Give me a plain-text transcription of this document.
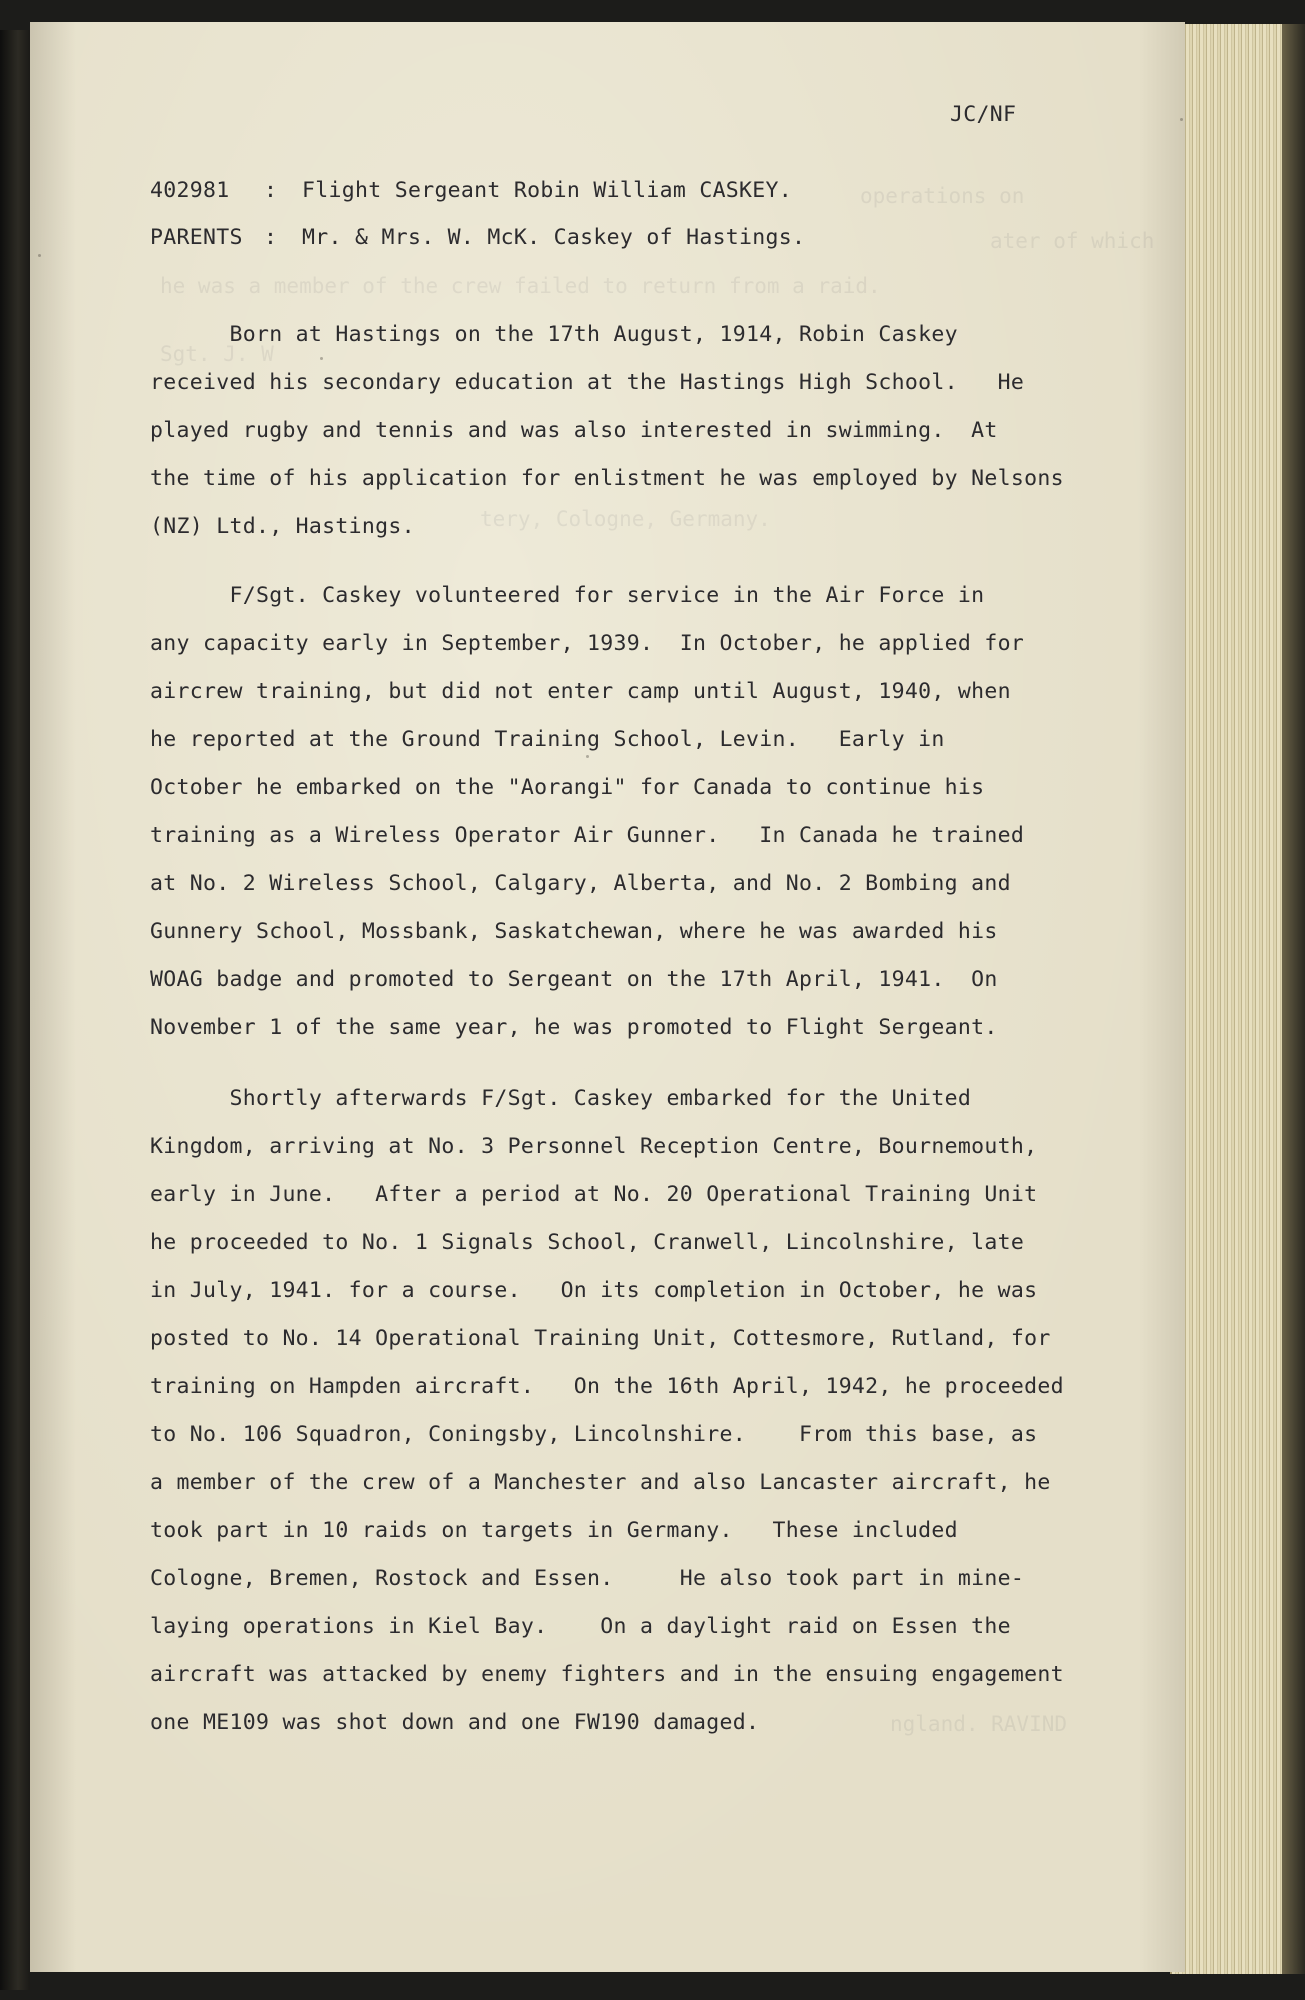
operations on

ater of which

he was a member of the crew failed to return from a raid.

Sgt. J. W

tery, Cologne, Germany.

ngland. RAVIND

JC/NF

402981 : Flight Sergeant Robin William CASKEY.

PARENTS : Mr. & Mrs. W. McK. Caskey of Hastings.

Born at Hastings on the 17th August, 1914, Robin Caskey

received his secondary education at the Hastings High School.   He

played rugby and tennis and was also interested in swimming.  At

the time of his application for enlistment he was employed by Nelsons

(NZ) Ltd., Hastings.

F/Sgt. Caskey volunteered for service in the Air Force in

any capacity early in September, 1939.  In October, he applied for

aircrew training, but did not enter camp until August, 1940, when

he reported at the Ground Training School, Levin.   Early in

October he embarked on the "Aorangi" for Canada to continue his

training as a Wireless Operator Air Gunner.   In Canada he trained

at No. 2 Wireless School, Calgary, Alberta, and No. 2 Bombing and

Gunnery School, Mossbank, Saskatchewan, where he was awarded his

WOAG badge and promoted to Sergeant on the 17th April, 1941.  On

November 1 of the same year, he was promoted to Flight Sergeant.

Shortly afterwards F/Sgt. Caskey embarked for the United

Kingdom, arriving at No. 3 Personnel Reception Centre, Bournemouth,

early in June.   After a period at No. 20 Operational Training Unit

he proceeded to No. 1 Signals School, Cranwell, Lincolnshire, late

in July, 1941. for a course.   On its completion in October, he was

posted to No. 14 Operational Training Unit, Cottesmore, Rutland, for

training on Hampden aircraft.   On the 16th April, 1942, he proceeded

to No. 106 Squadron, Coningsby, Lincolnshire.    From this base, as

a member of the crew of a Manchester and also Lancaster aircraft, he

took part in 10 raids on targets in Germany.   These included

Cologne, Bremen, Rostock and Essen.     He also took part in mine-

laying operations in Kiel Bay.    On a daylight raid on Essen the

aircraft was attacked by enemy fighters and in the ensuing engagement

one ME109 was shot down and one FW190 damaged.
